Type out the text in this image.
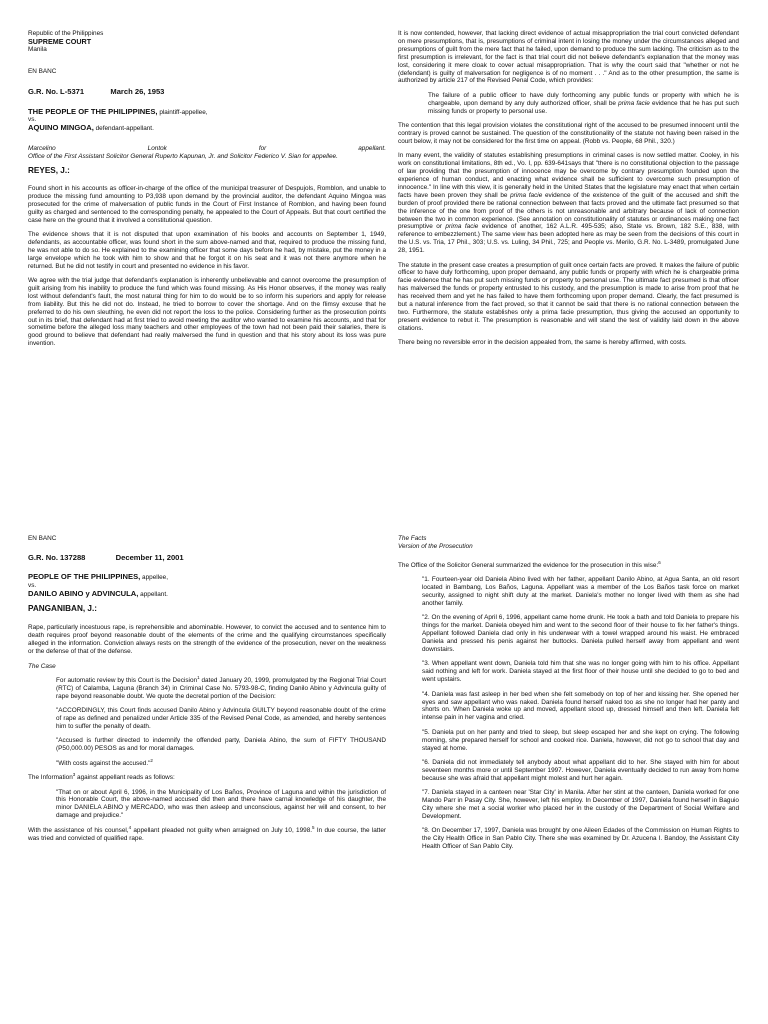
Republic of the Philippines

SUPREME COURT

Manila

EN BANC

G.R. No. L-5371	March 26, 1953

THE PEOPLE OF THE PHILIPPINES, plaintiff-appellee,

vs.

AQUINO MINGOA, defendant-appellant.

Marcelino	Lontok	for	appellant.

Office of the First Assistant Solicitor General Ruperto Kapunan, Jr. and Solicitor Federico V. Sian for appellee.

REYES, J.:

Found short in his accounts as officer-in-charge of the office of the municipal treasurer of Despujols, Romblon, and unable to produce the missing fund amounting to P3,938 upon demand by the provincial auditor, the defendant Aquino Mingoa was prosecuted for the crime of malversation of public funds in the Court of First Instance of Romblon, and having been found guilty as charged and sentenced to the corresponding penalty, he appealed to the Court of Appeals. But that court certified the case here on the ground that it involved a constitutional question.

The evidence shows that it is not disputed that upon examination of his books and accounts on September 1, 1949, defendants, as accountable officer, was found short in the sum above-named and that, required to produce the missing fund, he was not able to do so. He explained to the examining officer that some days before he had, by mistake, put the money in a large envelope which he took with him to show and that he forgot it on his seat and it was not there anymore when he returned. But he did not testify in court and presented no evidence in his favor.

We agree with the trial judge that defendant's explanation is inherently unbelievable and cannot overcome the presumption of guilt arising from his inability to produce the fund which was found missing. As His Honor observes, if the money was really lost without defendant's fault, the most natural thing for him to do would be to so inform his superiors and apply for release from liability. But this he did not do. Instead, he tried to borrow to cover the shortage. And on the flimsy excuse that he preferred to do his own sleuthing, he even did not report the loss to the police. Considering further as the prosecution points out in its brief, that defendant had at first tried to avoid meeting the auditor who wanted to examine his accounts, and that for sometime before the alleged loss many teachers and other employees of the town had not been paid their salaries, there is good ground to believe that defendant had really malversed the fund in question and that his story about its loss was pure invention.

It is now contended, however, that lacking direct evidence of actual misappropriation the trial court convicted defendant on mere presumptions, that is, presumptions of criminal intent in losing the money under the circumstances alleged and presumptions of guilt from the mere fact that he failed, upon demand to produce the sum lacking. The criticism as to the first presumption is irrelevant, for the fact is that trial court did not believe defendant's explanation that the money was lost, considering it mere cloak to cover actual misappropriation. That is why the court said that "whether or not he (defendant) is guilty of malversation for negligence is of no moment . . ." And as to the other presumption, the same is authorized by article 217 of the Revised Penal Code, which provides:

The failure of a public officer to have duly forthcoming any public funds or property with which he is chargeable, upon demand by any duly authorized officer, shall be prima facie evidence that he has put such missing funds or property to personal use.

The contention that this legal provision violates the constitutional right of the accused to be presumed innocent until the contrary is proved cannot be sustained. The question of the constitutionality of the statute not having been raised in the court below, it may not be considered for the first time on appeal. (Robb vs. People, 68 Phil., 320.)

In many event, the validity of statutes establishing presumptions in criminal cases is now settled matter. Cooley, in his work on constitutional limitations, 8th ed., Vo. I, pp. 639-641says that "there is no constitutional objection to the passage of law providing that the presumption of innocence may be overcome by contrary presumption founded upon the experience of human conduct, and enacting what evidence shall be sufficient to overcome such presumption of innocence." In line with this view, it is generally held in the United States that the legislature may enact that when certain facts have been proven they shall be prima facie evidence of the existence of the guilt of the accused and shift the burden of proof provided there be rational connection between that facts proved and the ultimate fact presumed so that the inference of the one from proof of the others is not unreasonable and arbitrary because of lack of connection between the two in common experience. (See annotation on constitutionality of statutes or ordinances making one fact presumptive or prima facie evidence of another, 162 A.L.R. 495-535; also, State vs. Brown, 182 S.E., 838, with reference to embezzlement.) The same view has been adopted here as may be seen from the decisions of this court in the U.S. vs. Tria, 17 Phil., 303; U.S. vs. Luling, 34 Phil., 725; and People vs. Merilo, G.R. No. L-3489, promulgated June 28, 1951.

The statute in the present case creates a presumption of guilt once certain facts are proved. It makes the failure of public officer to have duly forthcoming, upon proper demaand, any public funds or property with which he is chargeable prima facie evidence that he has put such missing funds or property to personal use. The ultimate fact presumed is that officer has malversed the funds or property entrusted to his custody, and the presumption is made to arise from proof that he has received them and yet he has failed to have them forthcoming upon proper demand. Clearly, the fact presumed is but a natural inference from the fact proved, so that it cannot be said that there is no rational connection between the two. Furthermore, the statute establishes only a prima facie presumption, thus giving the accused an opportunity to present evidence to rebut it. The presumption is reasonable and will stand the test of validity laid down in the above citations.

There being no reversible error in the decision appealed from, the same is hereby affirmed, with costs.

EN BANC

G.R. No. 137288	December 11, 2001

PEOPLE OF THE PHILIPPINES, appellee,

vs.

DANILO ABINO y ADVINCULA, appellant.

PANGANIBAN, J.:

Rape, particularly incestuous rape, is reprehensible and abominable. However, to convict the accused and to sentence him to death requires proof beyond reasonable doubt of the elements of the crime and the qualifying circumstances specifically alleged in the information. Conviction always rests on the strength of the evidence of the prosecution, never on the weakness or the defense of that of the defense.

The Case

For automatic review by this Court is the Decision$^1$ dated January 20, 1999, promulgated by the Regional Trial Court (RTC) of Calamba, Laguna (Branch 34) in Criminal Case No. 5793-98-C, finding Danilo Abino y Advincula guilty of rape beyond reasonable doubt. We quote the decretal portion of the Decision:

"ACCORDINGLY, this Court finds accused Danilo Abino y Advincula GUILTY beyond reasonable doubt of the crime of rape as defined and penalized under Article 335 of the Revised Penal Code, as amended, and hereby sentences him to suffer the penalty of death.

"Accused is further directed to indemnify the offended party, Daniela Abino, the sum of FIFTY THOUSAND (P50,000.00) PESOS as and for moral damages.

"With costs against the accused."$^2$

The Information$^3$ against appellant reads as follows:

"That on or about April 6, 1996, in the Municipality of Los Baños, Province of Laguna and within the jurisdiction of this Honorable Court, the above-named accused did then and there have carnal knowledge of his daughter, the minor DANIELA ABINO y MERCADO, who was then asleep and unconscious, against her will and consent, to her damage and prejudice."

With the assistance of his counsel,$^4$ appellant pleaded not guilty when arraigned on July 10, 1998.$^5$ In due course, the latter was tried and convicted of qualified rape.

The Facts

Version of the Prosecution

The Office of the Solicitor General summarized the evidence for the prosecution in this wise:$^6$

"1. Fourteen-year old Daniela Abino lived with her father, appellant Danilo Abino, at Agua Santa, an old resort located in Bambang, Los Baños, Laguna. Appellant was a member of the Los Baños task force on market security, assigned to night shift duty at the market. Daniela's mother no longer lived with them as she had another family.

"2. On the evening of April 6, 1996, appellant came home drunk. He took a bath and told Daniela to prepare his things for the market. Daniela obeyed him and went to the second floor of their house to fix her father's things. Appellant followed Daniela clad only in his underwear with a towel wrapped around his waist. He embraced Daniela and pressed his penis against her buttocks. Daniela pulled herself away from appellant and went downstairs.

"3. When appellant went down, Daniela told him that she was no longer going with him to his office. Appellant said nothing and left for work. Daniela stayed at the first floor of their house until she decided to go to bed and went upstairs.

"4. Daniela was fast asleep in her bed when she felt somebody on top of her and kissing her. She opened her eyes and saw appellant who was naked. Daniela found herself naked too as she no longer had her panty and shorts on. When Daniela woke up and moved, appellant stood up, dressed himself and then left. Daniela felt intense pain in her vagina and cried.

"5. Daniela put on her panty and tried to sleep, but sleep escaped her and she kept on crying. The following morning, she prepared herself for school and cooked rice. Daniela, however, did not go to school that day and stayed at home.

"6. Daniela did not immediately tell anybody about what appellant did to her. She stayed with him for about seventeen months more or until September 1997. However, Daniela eventually decided to run away from home because she was afraid that appellant might molest and hurt her again.

"7. Daniela stayed in a canteen near 'Star City' in Manila. After her stint at the canteen, Daniela worked for one Mando Parr in Pasay City. She, however, left his employ. In December of 1997, Daniela found herself in Baguio City where she met a social worker who placed her in the custody of the Department of Social Welfare and Development.

"8. On December 17, 1997, Daniela was brought by one Aileen Edades of the Commission on Human Rights to the City Health Office in San Pablo City. There she was examined by Dr. Azucena I. Bandoy, the Assistant City Health Officer of San Pablo City.
